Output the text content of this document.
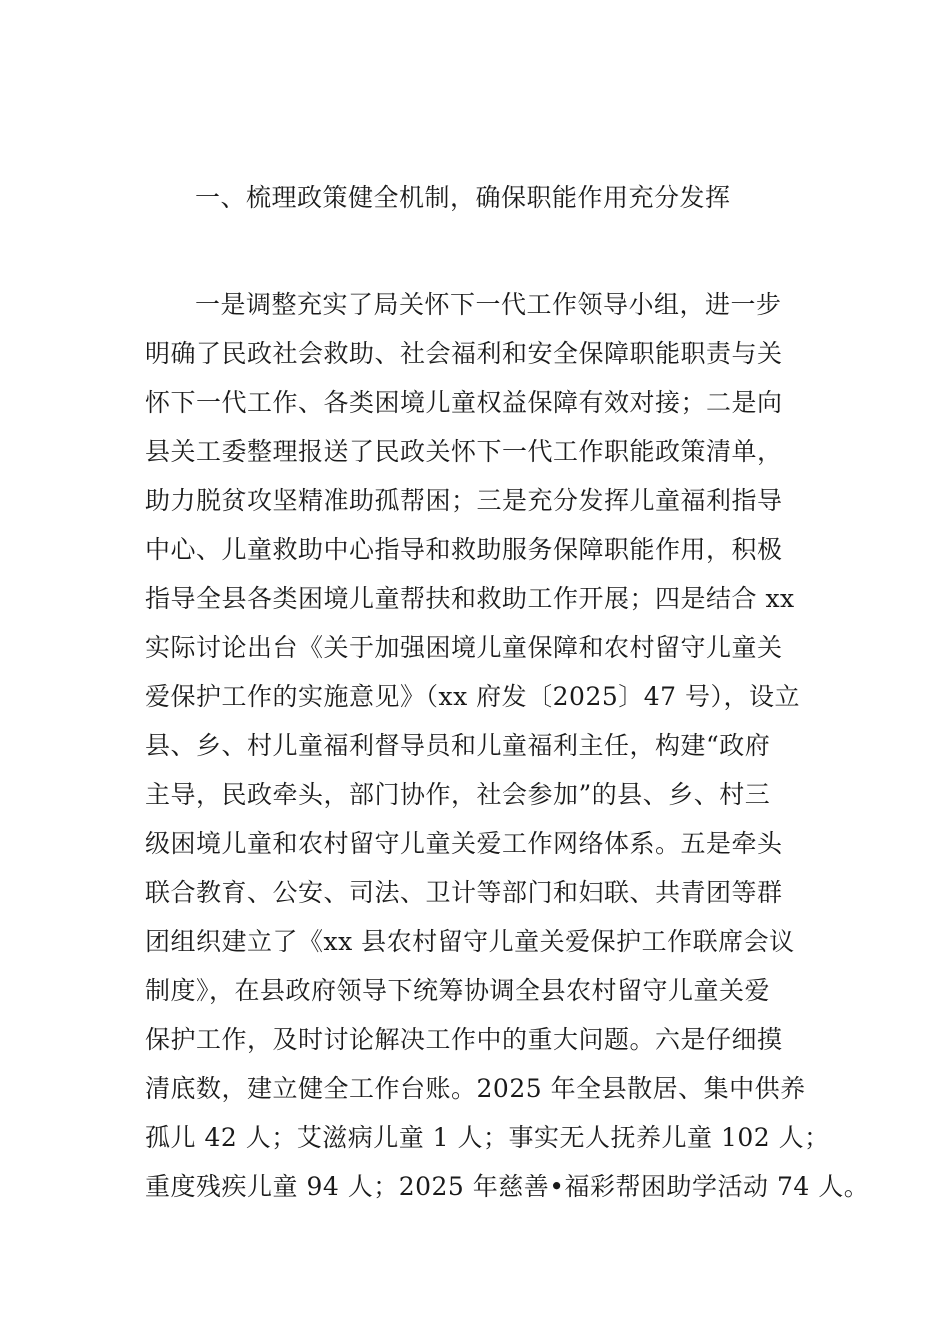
一、梳理政策健全机制，确保职能作用充分发挥
一是调整充实了局关怀下一代工作领导小组，进一步
明确了民政社会救助、社会福利和安全保障职能职责与关
怀下一代工作、各类困境儿童权益保障有效对接；二是向
县关工委整理报送了民政关怀下一代工作职能政策清单，
助力脱贫攻坚精准助孤帮困；三是充分发挥儿童福利指导
中心、儿童救助中心指导和救助服务保障职能作用，积极
指导全县各类困境儿童帮扶和救助工作开展；四是结合 xx
实际讨论出台《关于加强困境儿童保障和农村留守儿童关
爱保护工作的实施意见》（xx 府发〔2025〕47 号），设立
县、乡、村儿童福利督导员和儿童福利主任，构建“政府
主导，民政牵头，部门协作，社会参加”的县、乡、村三
级困境儿童和农村留守儿童关爱工作网络体系。五是牵头
联合教育、公安、司法、卫计等部门和妇联、共青团等群
团组织建立了《xx 县农村留守儿童关爱保护工作联席会议
制度》，在县政府领导下统筹协调全县农村留守儿童关爱
保护工作，及时讨论解决工作中的重大问题。六是仔细摸
清底数，建立健全工作台账。2025 年全县散居、集中供养
孤儿 42 人；艾滋病儿童 1 人；事实无人抚养儿童 102 人；
重度残疾儿童 94 人；2025 年慈善•福彩帮困助学活动 74 人。
